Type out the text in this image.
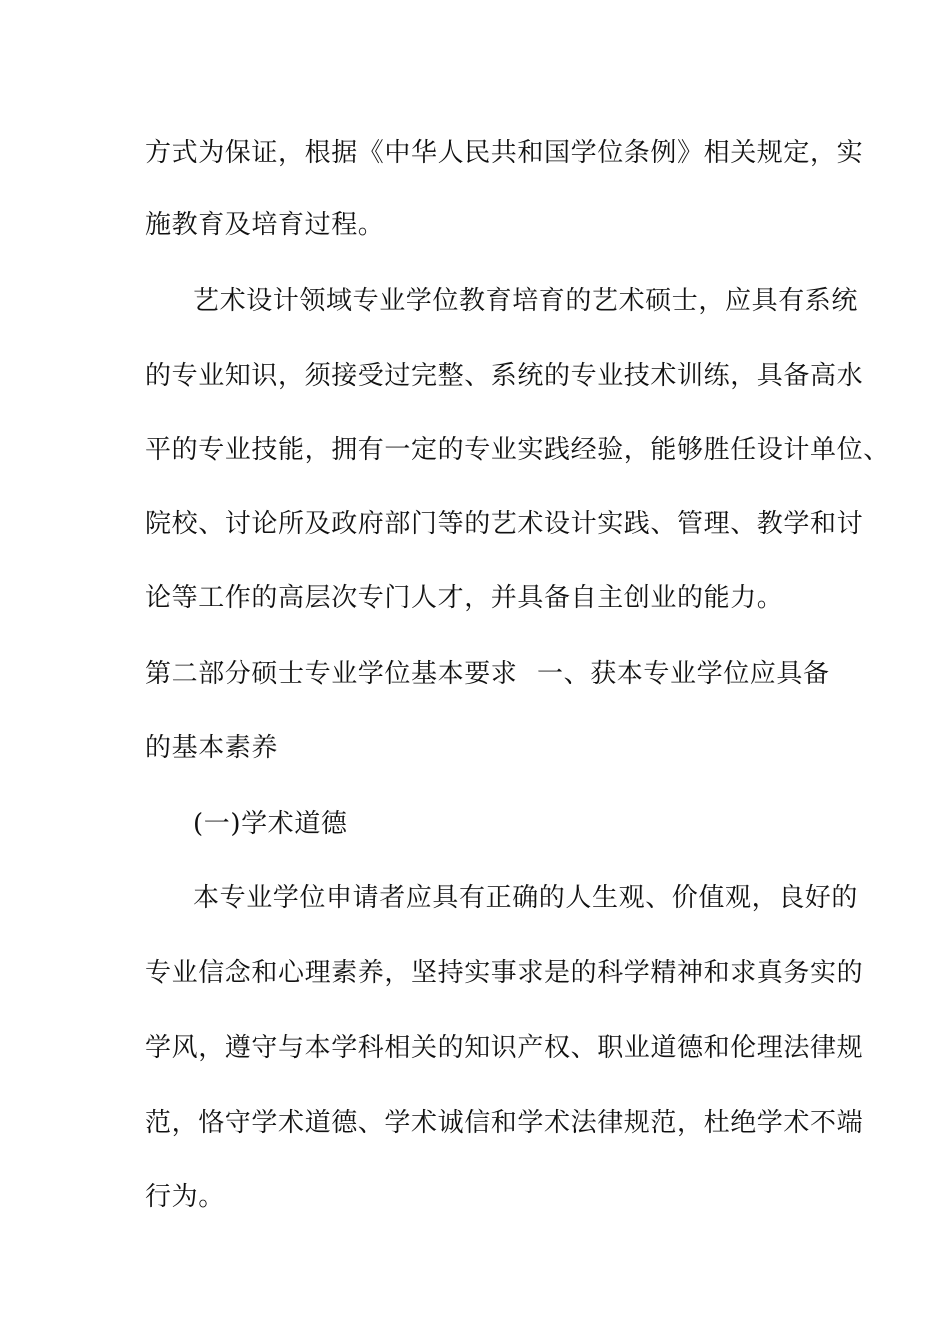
方式为保证，根据《中华人民共和国学位条例》相关规定，实
施教育及培育过程。
艺术设计领域专业学位教育培育的艺术硕士，应具有系统
的专业知识，须接受过完整、系统的专业技术训练，具备高水
平的专业技能，拥有一定的专业实践经验，能够胜任设计单位、
院校、讨论所及政府部门等的艺术设计实践、管理、教学和讨
论等工作的高层次专门人才，并具备自主创业的能力。
第二部分硕士专业学位基本要求 一、获本专业学位应具备
的基本素养
(一)学术道德
本专业学位申请者应具有正确的人生观、价值观，良好的
专业信念和心理素养，坚持实事求是的科学精神和求真务实的
学风，遵守与本学科相关的知识产权、职业道德和伦理法律规
范，恪守学术道德、学术诚信和学术法律规范，杜绝学术不端
行为。
